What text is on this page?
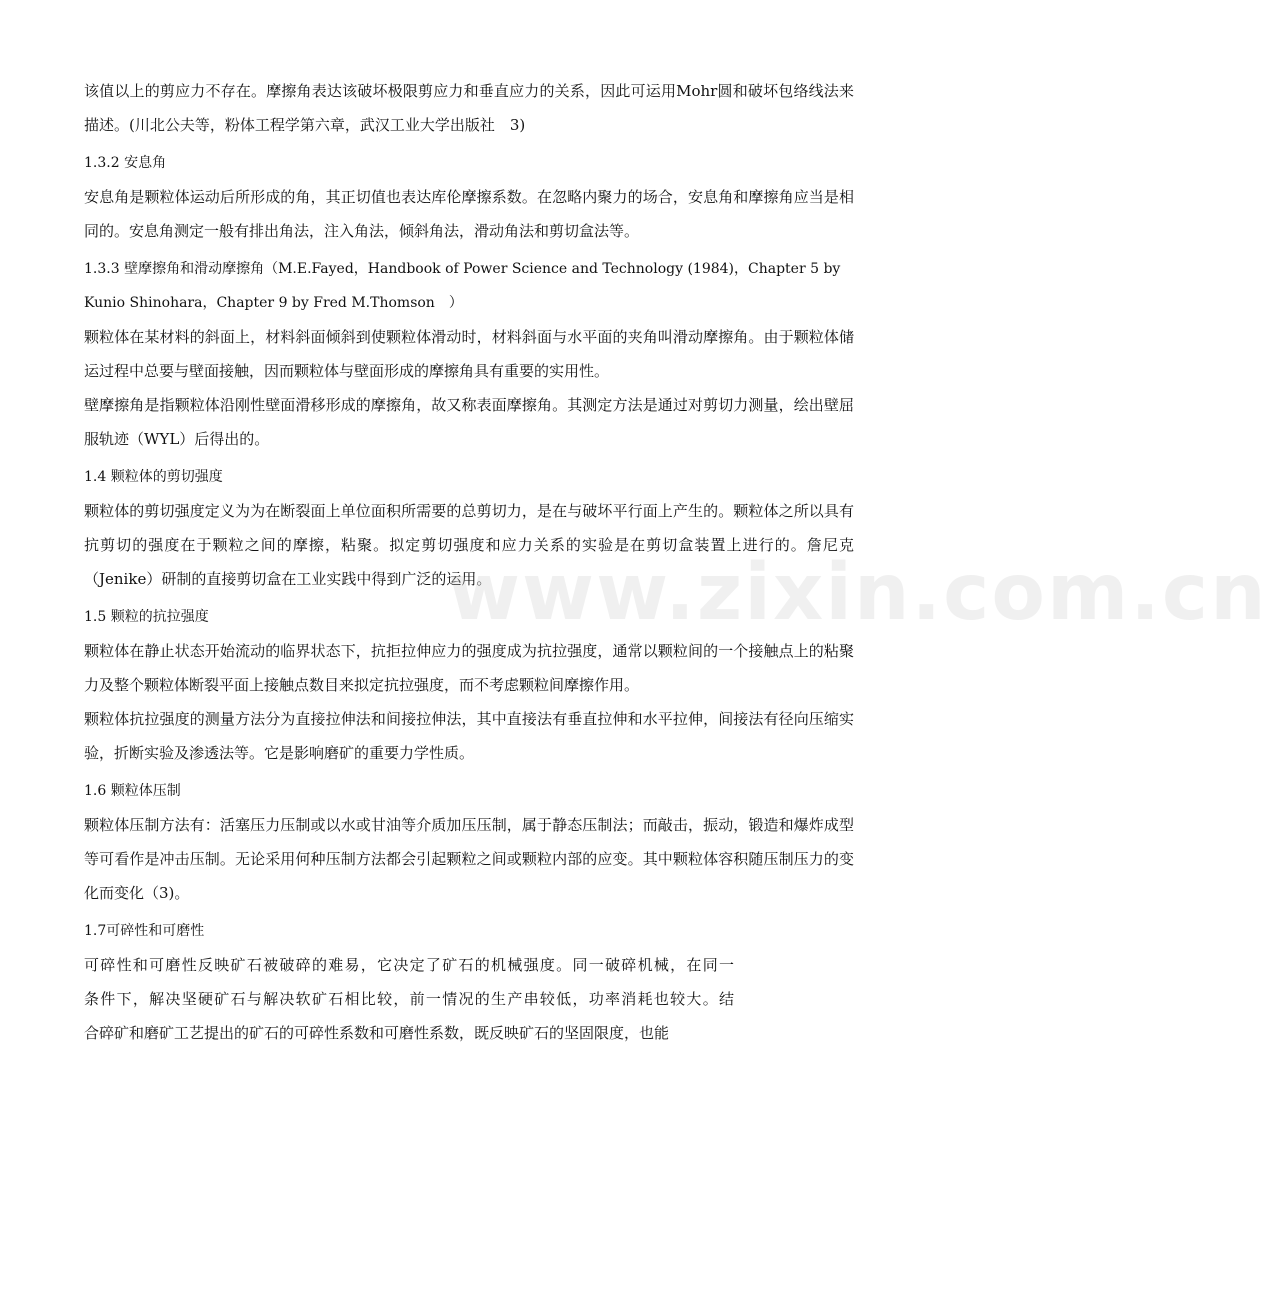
该值以上的剪应力不存在。摩擦角表达该破坏极限剪应力和垂直应力的关系，因此可运用Mohr圆和破坏包络线法来描述。(川北公夫等，粉体工程学第六章，武汉工业大学出版社　3)

1.3.2 安息角

安息角是颗粒体运动后所形成的角，其正切值也表达库伦摩擦系数。在忽略内聚力的场合，安息角和摩擦角应当是相同的。安息角测定一般有排出角法，注入角法，倾斜角法，滑动角法和剪切盒法等。

1.3.3 壁摩擦角和滑动摩擦角（M.E.Fayed，Handbook of Power Science and Technology (1984)，Chapter 5 by Kunio Shinohara，Chapter 9 by Fred M.Thomson　）

颗粒体在某材料的斜面上，材料斜面倾斜到使颗粒体滑动时，材料斜面与水平面的夹角叫滑动摩擦角。由于颗粒体储运过程中总要与壁面接触，因而颗粒体与壁面形成的摩擦角具有重要的实用性。

壁摩擦角是指颗粒体沿刚性壁面滑移形成的摩擦角，故又称表面摩擦角。其测定方法是通过对剪切力测量，绘出壁屈服轨迹（WYL）后得出的。

1.4 颗粒体的剪切强度

颗粒体的剪切强度定义为为在断裂面上单位面积所需要的总剪切力，是在与破坏平行面上产生的。颗粒体之所以具有抗剪切的强度在于颗粒之间的摩擦，粘聚。拟定剪切强度和应力关系的实验是在剪切盒装置上进行的。詹尼克（Jenike）研制的直接剪切盒在工业实践中得到广泛的运用。

1.5 颗粒的抗拉强度

颗粒体在静止状态开始流动的临界状态下，抗拒拉伸应力的强度成为抗拉强度，通常以颗粒间的一个接触点上的粘聚力及整个颗粒体断裂平面上接触点数目来拟定抗拉强度，而不考虑颗粒间摩擦作用。

颗粒体抗拉强度的测量方法分为直接拉伸法和间接拉伸法，其中直接法有垂直拉伸和水平拉伸，间接法有径向压缩实验，折断实验及渗透法等。它是影响磨矿的重要力学性质。

1.6 颗粒体压制

颗粒体压制方法有：活塞压力压制或以水或甘油等介质加压压制，属于静态压制法；而敲击，振动，锻造和爆炸成型等可看作是冲击压制。无论采用何种压制方法都会引起颗粒之间或颗粒内部的应变。其中颗粒体容积随压制压力的变化而变化（3)。

1.7可碎性和可磨性

可碎性和可磨性反映矿石被破碎的难易，它决定了矿石的机械强度。同一破碎机械，在同一

条件下，解决坚硬矿石与解决软矿石相比较，前一情况的生产串较低，功率消耗也较大。结

合碎矿和磨矿工艺提出的矿石的可碎性系数和可磨性系数，既反映矿石的坚固限度，也能

www.zixin.com.cn
